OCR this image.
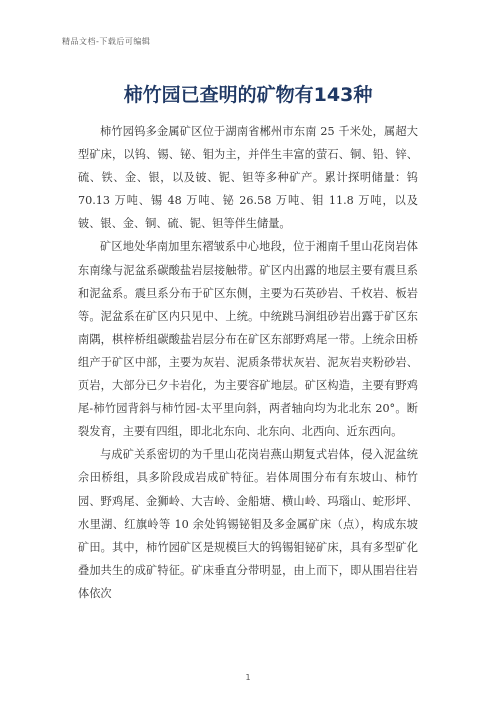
精品文档-下载后可编辑
柿竹园已查明的矿物有143种

柿竹园钨多金属矿区位于湖南省郴州市东南 25 千米处，属超大型矿床，以钨、锡、铋、钼为主，并伴生丰富的萤石、铜、铅、锌、硫、铁、金、银，以及铍、铌、钽等多种矿产。累计探明储量：钨 70.13 万吨、锡 48 万吨、铋 26.58 万吨、钼 11.8 万吨，以及铍、银、金、铜、硫、铌、钽等伴生储量。

矿区地处华南加里东褶皱系中心地段，位于湘南千里山花岗岩体东南缘与泥盆系碳酸盐岩层接触带。矿区内出露的地层主要有震旦系和泥盆系。震旦系分布于矿区东侧，主要为石英砂岩、千枚岩、板岩等。泥盆系在矿区内只见中、上统。中统跳马涧组砂岩出露于矿区东南隅，棋梓桥组碳酸盐岩层分布在矿区东部野鸡尾一带。上统佘田桥组产于矿区中部，主要为灰岩、泥质条带状灰岩、泥灰岩夹粉砂岩、页岩，大部分已夕卡岩化，为主要容矿地层。矿区构造，主要有野鸡尾-柿竹园背斜与柿竹园-太平里向斜，两者轴向均为北北东 20°。断裂发育，主要有四组，即北北东向、北东向、北西向、近东西向。

与成矿关系密切的为千里山花岗岩燕山期复式岩体，侵入泥盆统佘田桥组，具多阶段成岩成矿特征。岩体周围分布有东坡山、柿竹园、野鸡尾、金狮岭、大吉岭、金船塘、横山岭、玛瑙山、蛇形坪、水里湖、红旗岭等 10 余处钨锡铋钼及多金属矿床（点），构成东坡矿田。其中，柿竹园矿区是规模巨大的钨锡钼铋矿床，具有多型矿化叠加共生的成矿特征。矿床垂直分带明显，由上而下，即从围岩往岩体依次

1
